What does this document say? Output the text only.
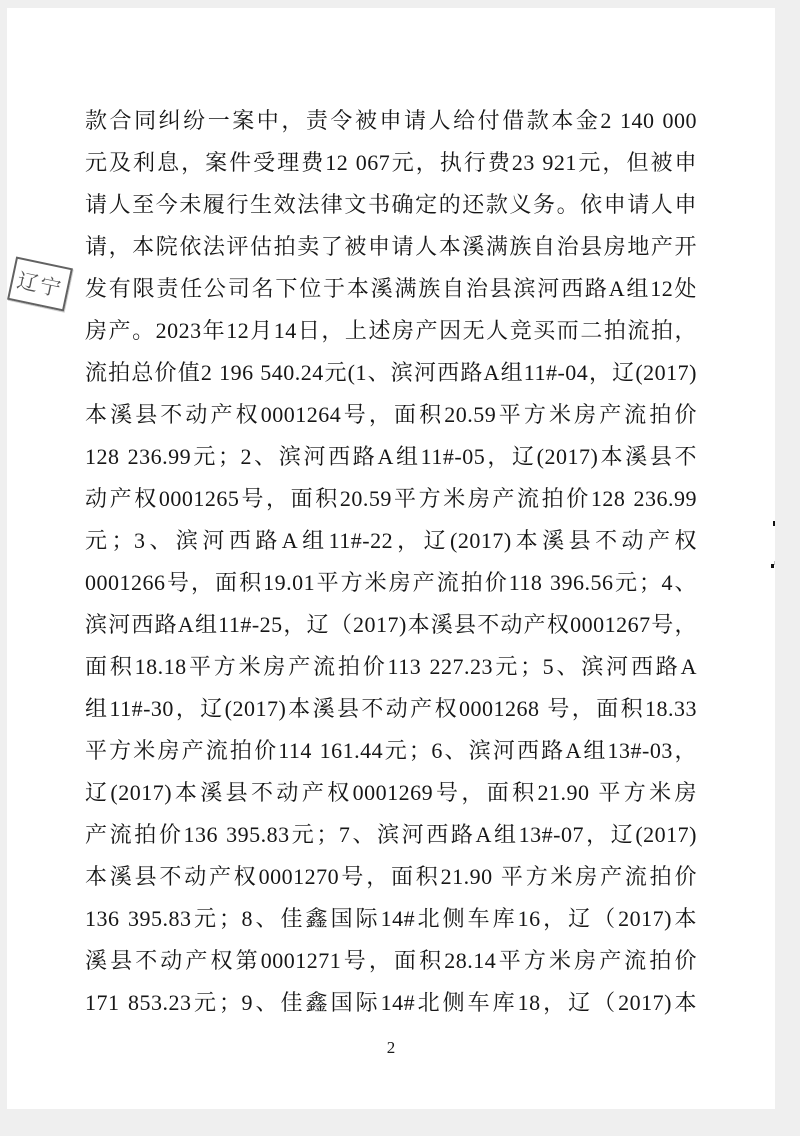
辽宁
款合同纠纷一案中，责令被申请人给付借款本金2 140 000
元及利息，案件受理费12 067元，执行费23 921元，但被申
请人至今未履行生效法律文书确定的还款义务。依申请人申
请，本院依法评估拍卖了被申请人本溪满族自治县房地产开
发有限责任公司名下位于本溪满族自治县滨河西路A组12处
房产。2023年12月14日，上述房产因无人竞买而二拍流拍，
流拍总价值2 196 540.24元(1、滨河西路A组11#-04，辽(2017)
本溪县不动产权0001264号，面积20.59平方米房产流拍价
128 236.99元；2、滨河西路A组11#-05，辽(2017)本溪县不
动产权0001265号，面积20.59平方米房产流拍价128 236.99
元；3、滨河西路A组11#-22，辽(2017)本溪县不动产权
0001266号，面积19.01平方米房产流拍价118 396.56元；4、
滨河西路A组11#-25，辽（2017)本溪县不动产权0001267号，
面积18.18平方米房产流拍价113 227.23元；5、滨河西路A
组11#-30，辽(2017)本溪县不动产权0001268 号，面积18.33
平方米房产流拍价114 161.44元；6、滨河西路A组13#-03，
辽(2017)本溪县不动产权0001269号，面积21.90 平方米房
产流拍价136 395.83元；7、滨河西路A组13#-07，辽(2017)
本溪县不动产权0001270号，面积21.90 平方米房产流拍价
136 395.83元；8、佳鑫国际14#北侧车库16，辽（2017)本
溪县不动产权第0001271号，面积28.14平方米房产流拍价
171 853.23元；9、佳鑫国际14#北侧车库18，辽（2017)本
2
